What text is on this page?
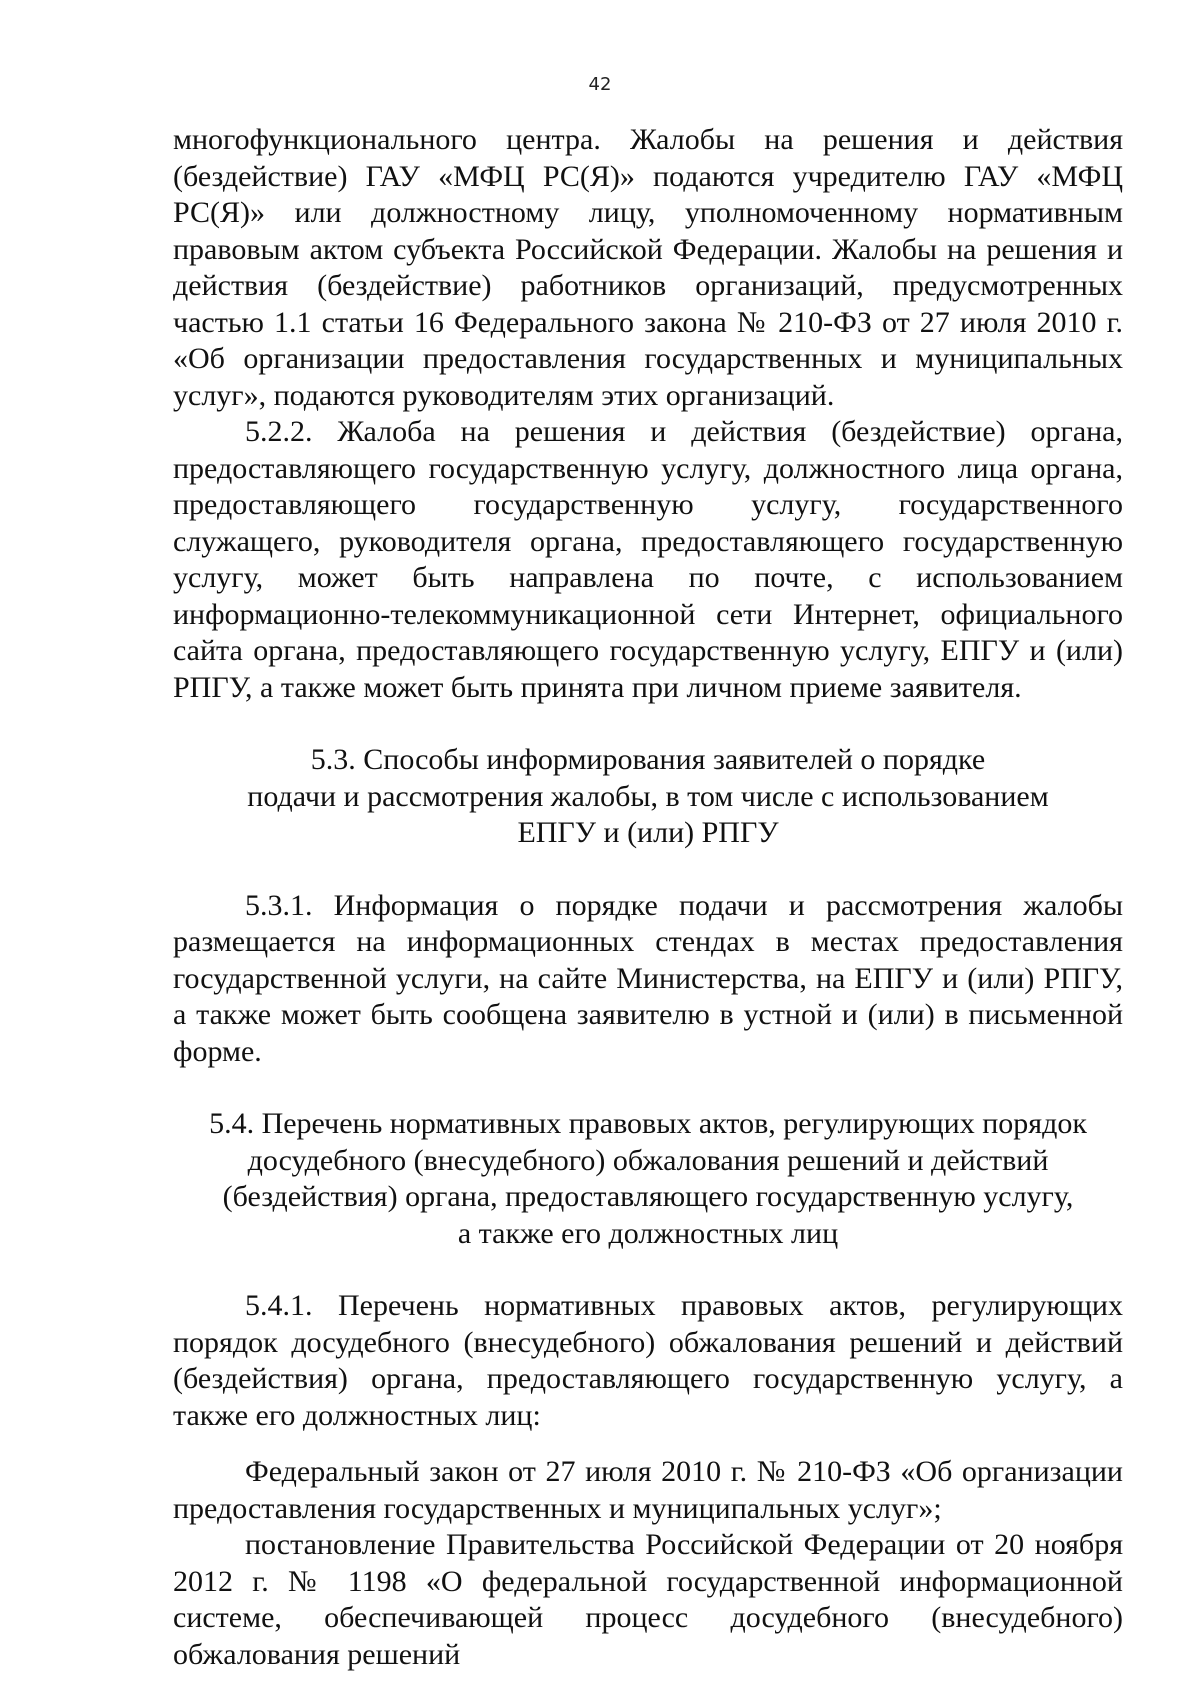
42

многофункционального центра. Жалобы на решения и действия (бездействие) ГАУ «МФЦ РС(Я)» подаются учредителю ГАУ «МФЦ РС(Я)» или должностному лицу, уполномоченному нормативным правовым актом субъекта Российской Федерации. Жалобы на решения и действия (бездействие) работников организаций, предусмотренных частью 1.1 статьи 16 Федерального закона № 210-ФЗ от 27 июля 2010 г. «Об организации предоставления государственных и муниципальных услуг», подаются руководителям этих организаций.

5.2.2. Жалоба на решения и действия (бездействие) органа, предоставляющего государственную услугу, должностного лица органа, предоставляющего государственную услугу, государственного служащего, руководителя органа, предоставляющего государственную услугу, может быть направлена по почте, с использованием информационно-телекоммуникационной сети Интернет, официального сайта органа, предоставляющего государственную услугу, ЕПГУ и (или) РПГУ, а также может быть принята при личном приеме заявителя.

5.3. Способы информирования заявителей о порядке

подачи и рассмотрения жалобы, в том числе с использованием

ЕПГУ и (или) РПГУ

5.3.1. Информация о порядке подачи и рассмотрения жалобы размещается на информационных стендах в местах предоставления государственной услуги, на сайте Министерства, на ЕПГУ и (или) РПГУ, а также может быть сообщена заявителю в устной и (или) в письменной форме.

5.4. Перечень нормативных правовых актов, регулирующих порядок

досудебного (внесудебного) обжалования решений и действий

(бездействия) органа, предоставляющего государственную услугу,

а также его должностных лиц

5.4.1. Перечень нормативных правовых актов, регулирующих порядок досудебного (внесудебного) обжалования решений и действий (бездействия) органа, предоставляющего государственную услугу, а также его должностных лиц:

Федеральный закон от 27 июля 2010 г. № 210-ФЗ «Об организации предоставления государственных и муниципальных услуг»;

постановление Правительства Российской Федерации от 20 ноября 2012 г. № 1198 «О федеральной государственной информационной системе, обеспечивающей процесс досудебного (внесудебного) обжалования решений
